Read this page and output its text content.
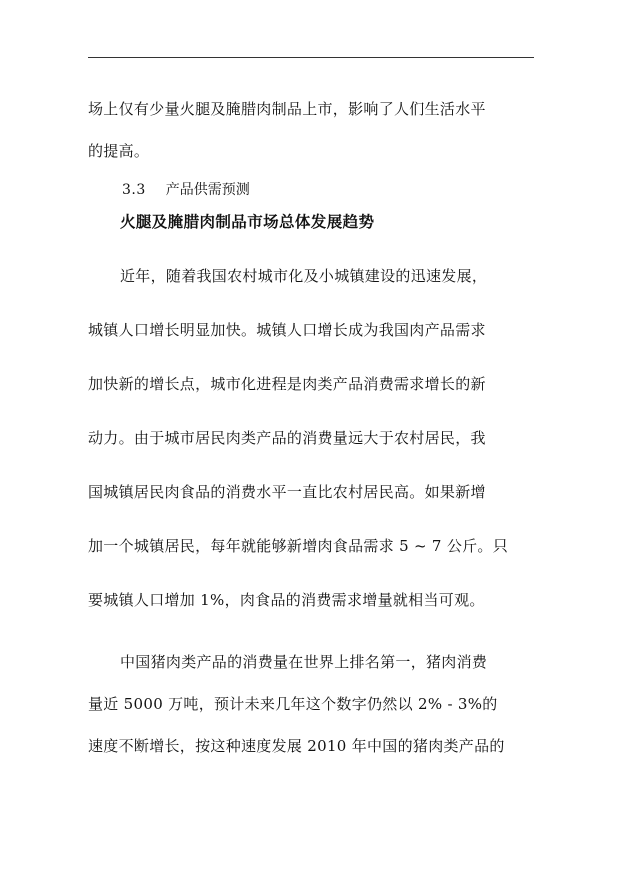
场上仅有少量火腿及腌腊肉制品上市，影响了人们生活水平
的提高。
3.3 产品供需预测
火腿及腌腊肉制品市场总体发展趋势
近年，随着我国农村城市化及小城镇建设的迅速发展，
城镇人口增长明显加快。城镇人口增长成为我国肉产品需求
加快新的增长点，城市化进程是肉类产品消费需求增长的新
动力。由于城市居民肉类产品的消费量远大于农村居民，我
国城镇居民肉食品的消费水平一直比农村居民高。如果新增
加一个城镇居民，每年就能够新增肉食品需求 5 ~ 7 公斤。只
要城镇人口增加 1%，肉食品的消费需求增量就相当可观。
中国猪肉类产品的消费量在世界上排名第一，猪肉消费
量近 5000 万吨，预计未来几年这个数字仍然以 2% - 3%的
速度不断增长，按这种速度发展 2010 年中国的猪肉类产品的
